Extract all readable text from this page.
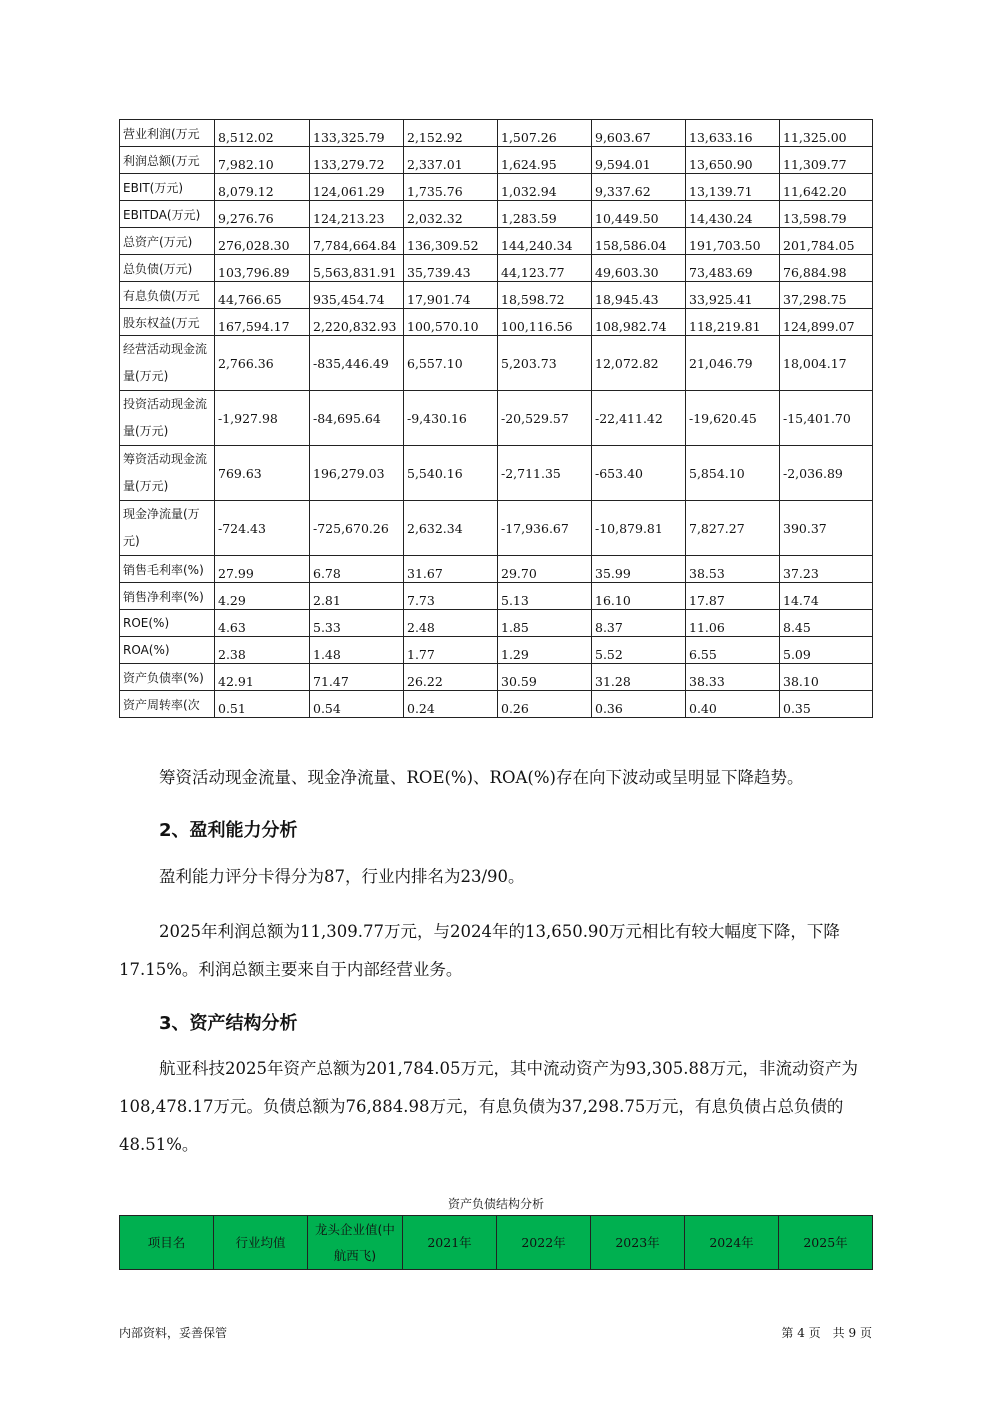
营业利润(万元	8,512.02	133,325.79	2,152.92	1,507.26	9,603.67	13,633.16	11,325.00
利润总额(万元	7,982.10	133,279.72	2,337.01	1,624.95	9,594.01	13,650.90	11,309.77
EBIT(万元)	8,079.12	124,061.29	1,735.76	1,032.94	9,337.62	13,139.71	11,642.20
EBITDA(万元)	9,276.76	124,213.23	2,032.32	1,283.59	10,449.50	14,430.24	13,598.79
总资产(万元)	276,028.30	7,784,664.84	136,309.52	144,240.34	158,586.04	191,703.50	201,784.05
总负债(万元)	103,796.89	5,563,831.91	35,739.43	44,123.77	49,603.30	73,483.69	76,884.98
有息负债(万元	44,766.65	935,454.74	17,901.74	18,598.72	18,945.43	33,925.41	37,298.75
股东权益(万元	167,594.17	2,220,832.93	100,570.10	100,116.56	108,982.74	118,219.81	124,899.07
经营活动现金流量(万元)	2,766.36	-835,446.49	6,557.10	5,203.73	12,072.82	21,046.79	18,004.17
投资活动现金流量(万元)	-1,927.98	-84,695.64	-9,430.16	-20,529.57	-22,411.42	-19,620.45	-15,401.70
筹资活动现金流量(万元)	769.63	196,279.03	5,540.16	-2,711.35	-653.40	5,854.10	-2,036.89
现金净流量(万元)	-724.43	-725,670.26	2,632.34	-17,936.67	-10,879.81	7,827.27	390.37
销售毛利率(%)	27.99	6.78	31.67	29.70	35.99	38.53	37.23
销售净利率(%)	4.29	2.81	7.73	5.13	16.10	17.87	14.74
ROE(%)	4.63	5.33	2.48	1.85	8.37	11.06	8.45
ROA(%)	2.38	1.48	1.77	1.29	5.52	6.55	5.09
资产负债率(%)	42.91	71.47	26.22	30.59	31.28	38.33	38.10
资产周转率(次	0.51	0.54	0.24	0.26	0.36	0.40	0.35

筹资活动现金流量、现金净流量、ROE(%)、ROA(%)存在向下波动或呈明显下降趋势。

2、盈利能力分析

盈利能力评分卡得分为87，行业内排名为23/90。

2025年利润总额为11,309.77万元，与2024年的13,650.90万元相比有较大幅度下降，下降17.15%。利润总额主要来自于内部经营业务。

3、资产结构分析

航亚科技2025年资产总额为201,784.05万元，其中流动资产为93,305.88万元，非流动资产为108,478.17万元。负债总额为76,884.98万元，有息负债为37,298.75万元，有息负债占总负债的48.51%。

资产负债结构分析
项目名	行业均值	龙头企业值(中航西飞)	2021年	2022年	2023年	2024年	2025年
内部资料，妥善保管	第 4 页　共 9 页
